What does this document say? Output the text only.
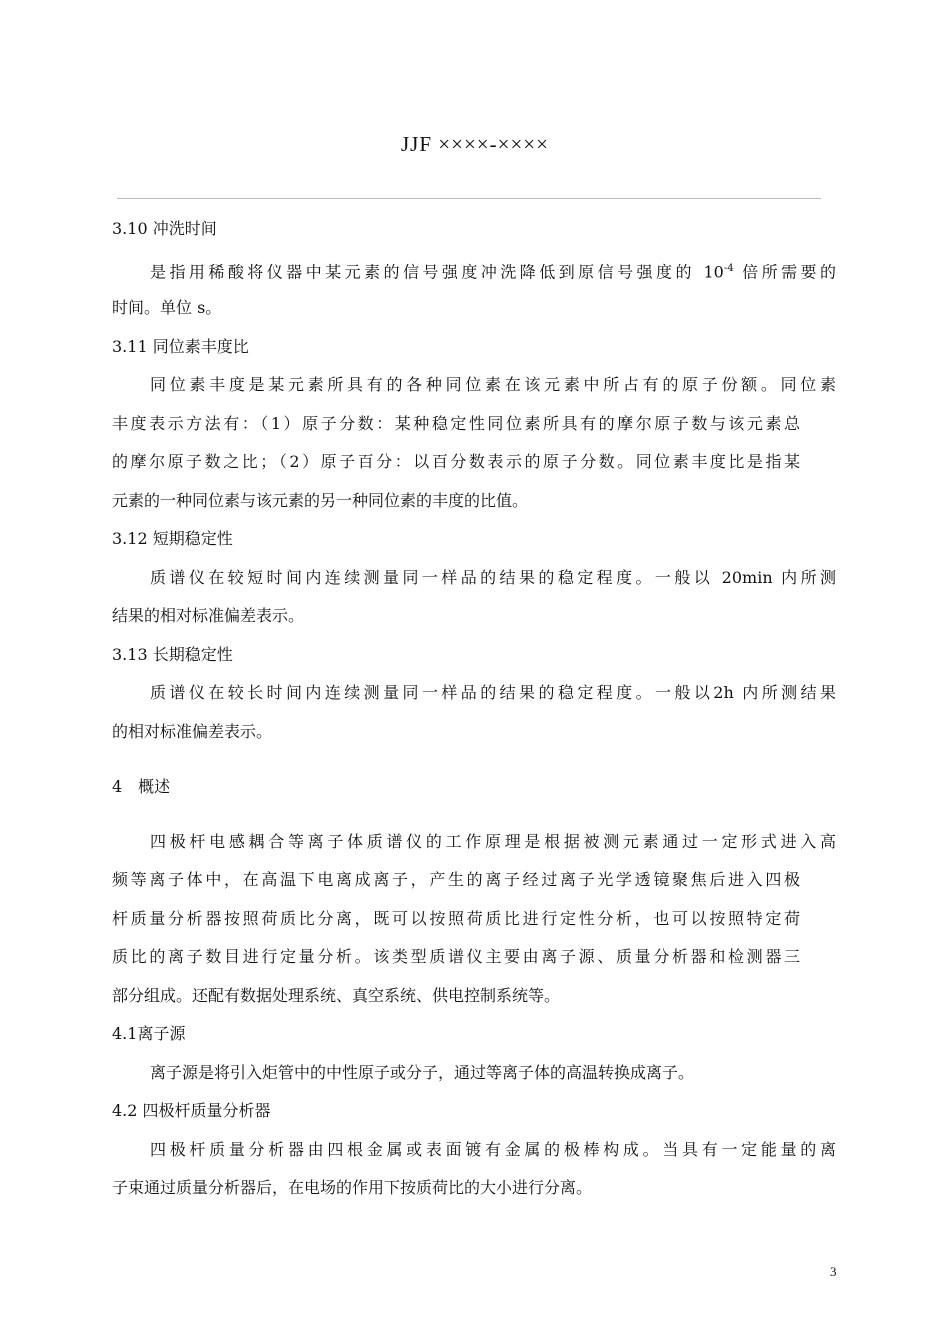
JJF ××××-××××
3.10 冲洗时间
是指用稀酸将仪器中某元素的信号强度冲洗降低到原信号强度的 $10^{-4}$ 倍所需要的
时间。单位 s。
3.11 同位素丰度比
同位素丰度是某元素所具有的各种同位素在该元素中所占有的原子份额。同位素
丰度表示方法有：（1）原子分数：某种稳定性同位素所具有的摩尔原子数与该元素总
的摩尔原子数之比；（2）原子百分：以百分数表示的原子分数。同位素丰度比是指某
元素的一种同位素与该元素的另一种同位素的丰度的比值。
3.12 短期稳定性
质谱仪在较短时间内连续测量同一样品的结果的稳定程度。一般以 20min 内所测
结果的相对标准偏差表示。
3.13 长期稳定性
质谱仪在较长时间内连续测量同一样品的结果的稳定程度。一般以2h 内所测结果
的相对标准偏差表示。
4　概述
四极杆电感耦合等离子体质谱仪的工作原理是根据被测元素通过一定形式进入高
频等离子体中，在高温下电离成离子，产生的离子经过离子光学透镜聚焦后进入四极
杆质量分析器按照荷质比分离，既可以按照荷质比进行定性分析，也可以按照特定荷
质比的离子数目进行定量分析。该类型质谱仪主要由离子源、质量分析器和检测器三
部分组成。还配有数据处理系统、真空系统、供电控制系统等。
4.1离子源
离子源是将引入炬管中的中性原子或分子，通过等离子体的高温转换成离子。
4.2 四极杆质量分析器
四极杆质量分析器由四根金属或表面镀有金属的极棒构成。当具有一定能量的离
子束通过质量分析器后，在电场的作用下按质荷比的大小进行分离。
3
